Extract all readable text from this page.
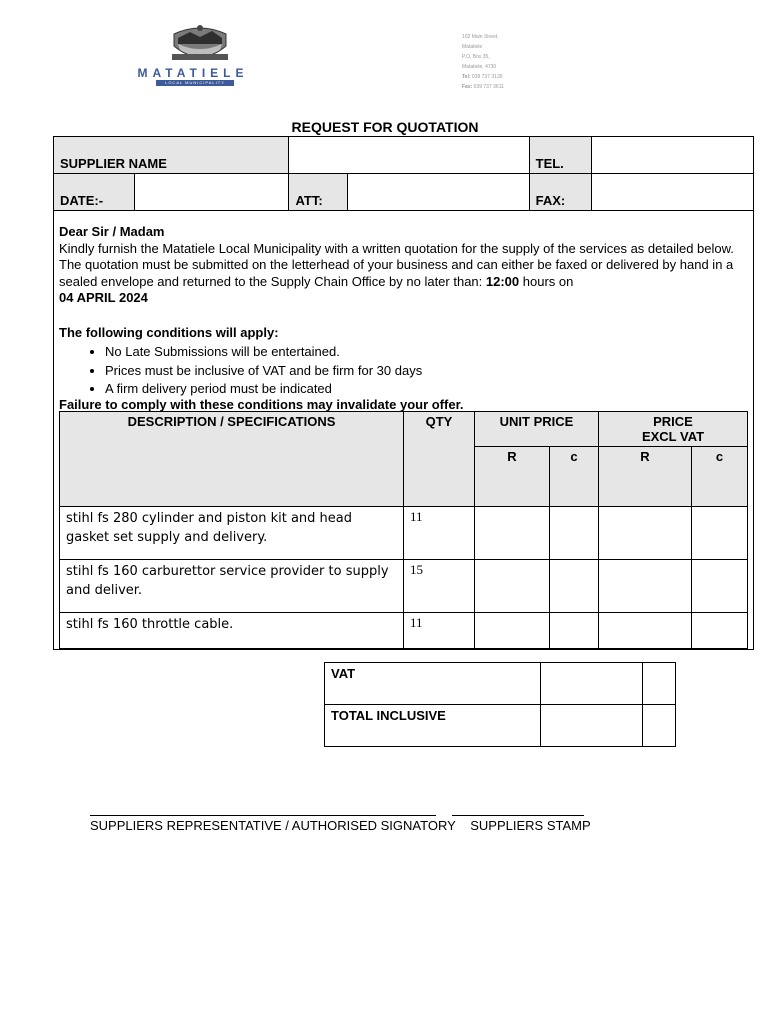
MATATIELE
LOCAL MUNICIPALITY
102 Main Street,
Matatiele
P.O. Box 35,
Matatiele, 4730
Tel: 039 737 3135
Fax: 039 737 3611
REQUEST FOR QUOTATION
SUPPLIER NAME				TEL.	
DATE:-		ATT:		FAX:	

Dear Sir / Madam

Kindly furnish the Matatiele Local Municipality with a written quotation for the supply of the services as detailed below. The quotation must be submitted on the letterhead of your business and can either be faxed or delivered by hand in a sealed envelope and returned to the Supply Chain Office by no later than: 12:00 hours on

04 APRIL 2024

The following conditions will apply:
• No Late Submissions will be entertained.
• Prices must be inclusive of VAT and be firm for 30 days
• A firm delivery period must be indicated
Failure to comply with these conditions may invalidate your offer.
DESCRIPTION / SPECIFICATIONS	QTY	UNIT PRICE		PRICE
EXCL VAT	

		R	c	R	c
stihl fs 280 cylinder and piston kit and head gasket set supply and delivery.	11				
stihl fs 160 carburettor service provider to supply and deliver.	15				
stihl fs 160 throttle cable.	11				
VAT		
TOTAL INCLUSIVE		
SUPPLIERS REPRESENTATIVE / AUTHORISED SIGNATORY SUPPLIERS STAMP
